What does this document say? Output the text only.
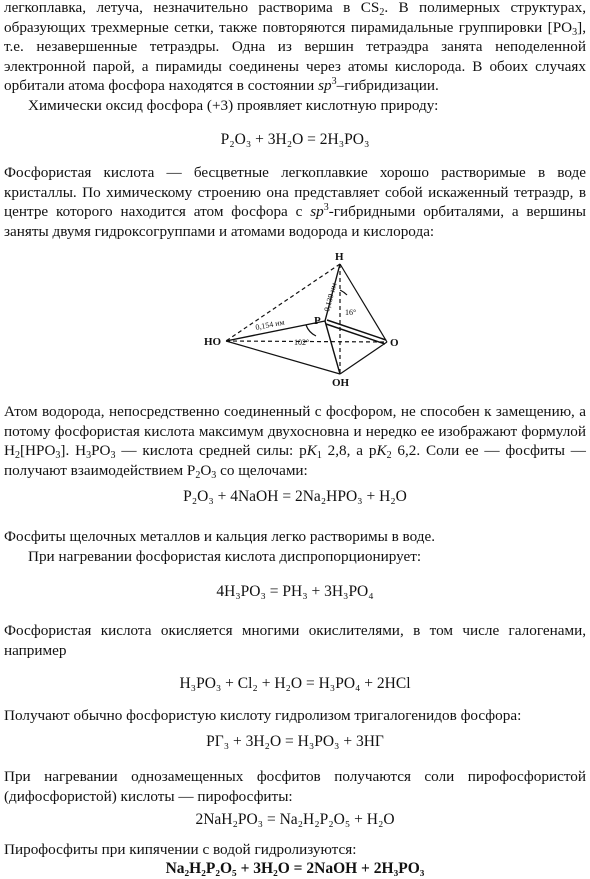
легкоплавка, летуча, незначительно растворима в $CS_2$. В полимерных структурах, образующих трехмерные сетки, также повторяются пирамидальные группировки $[PO_3]$, т.е. незавершенные тетраэдры. Одна из вершин тетраэдра занята неподеленной электронной парой, а пирамиды соединены через атомы кислорода. В обоих случаях орбитали атома фосфора находятся в состоянии $sp^3$–гибридизации.

Химически оксид фосфора (+3) проявляет кислотную природу:

P₂O₃ + 3H₂O = 2H₃PO₃

Фосфористая кислота — бесцветные легкоплавкие хорошо растворимые в воде кристаллы. По химическому строению она представляет собой искаженный тетраэдр, в центре которого находится атом фосфора с $sp^3$-гибридными орбиталями, а вершины заняты двумя гидроксогруппами и атомами водорода и кислорода:

H
P
O
HO
OH
0,139 нм
0,154 нм
16°
102°

Атом водорода, непосредственно соединенный с фосфором, не способен к замещению, а потому фосфористая кислота максимум двухосновна и нередко ее изображают формулой $H_2[HPO_3]$. $H_3PO_3$ — кислота средней силы: $pK_1$ 2,8, а $pK_2$ 6,2. Соли ее — фосфиты — получают взаимодействием $P_2O_3$ со щелочами:

P₂O₃ + 4NaOH = 2Na₂HPO₃ + H₂O

Фосфиты щелочных металлов и кальция легко растворимы в воде.

При нагревании фосфористая кислота диспропорционирует:

4H₃PO₃ = PH₃ + 3H₃PO₄

Фосфористая кислота окисляется многими окислителями, в том числе галогенами, например

H₃PO₃ + Cl₂ + H₂O = H₃PO₄ + 2HCl

Получают обычно фосфористую кислоту гидролизом тригалогенидов фосфора:

PГ₃ + 3H₂O = H₃PO₃ + 3HГ

При нагревании однозамещенных фосфитов получаются соли пирофосфористой (дифосфористой) кислоты — пирофосфиты:

2NaH₂PO₃ = Na₂H₂P₂O₅ + H₂O

Пирофосфиты при кипячении с водой гидролизуются:

Na₂H₂P₂O₅ + 3H₂O = 2NaOH + 2H₃PO₃
